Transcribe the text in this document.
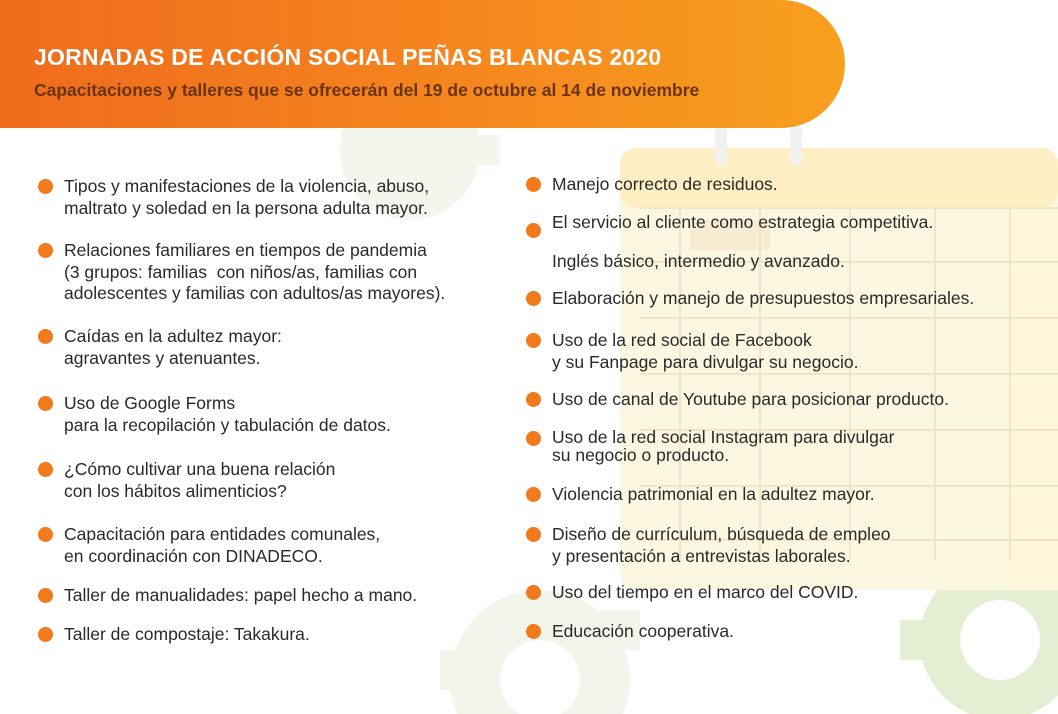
JORNADAS DE ACCIÓN SOCIAL PEÑAS BLANCAS 2020

Capacitaciones y talleres que se ofrecerán del 19 de octubre al 14 de noviembre

Tipos y manifestaciones de la violencia, abuso,
maltrato y soledad en la persona adulta mayor.
Relaciones familiares en tiempos de pandemia
(3 grupos: familias  con niños/as, familias con
adolescentes y familias con adultos/as mayores).
Caídas en la adultez mayor:
agravantes y atenuantes.
Uso de Google Forms
para la recopilación y tabulación de datos.
¿Cómo cultivar una buena relación
con los hábitos alimenticios?
Capacitación para entidades comunales,
en coordinación con DINADECO.
Taller de manualidades: papel hecho a mano.
Taller de compostaje: Takakura.
Manejo correcto de residuos.
El servicio al cliente como estrategia competitiva.
Inglés básico, intermedio y avanzado.
Elaboración y manejo de presupuestos empresariales.
Uso de la red social de Facebook
y su Fanpage para divulgar su negocio.
Uso de canal de Youtube para posicionar producto.
Uso de la red social Instagram para divulgar
su negocio o producto.
Violencia patrimonial en la adultez mayor.
Diseño de currículum, búsqueda de empleo
y presentación a entrevistas laborales.
Uso del tiempo en el marco del COVID.
Educación cooperativa.
